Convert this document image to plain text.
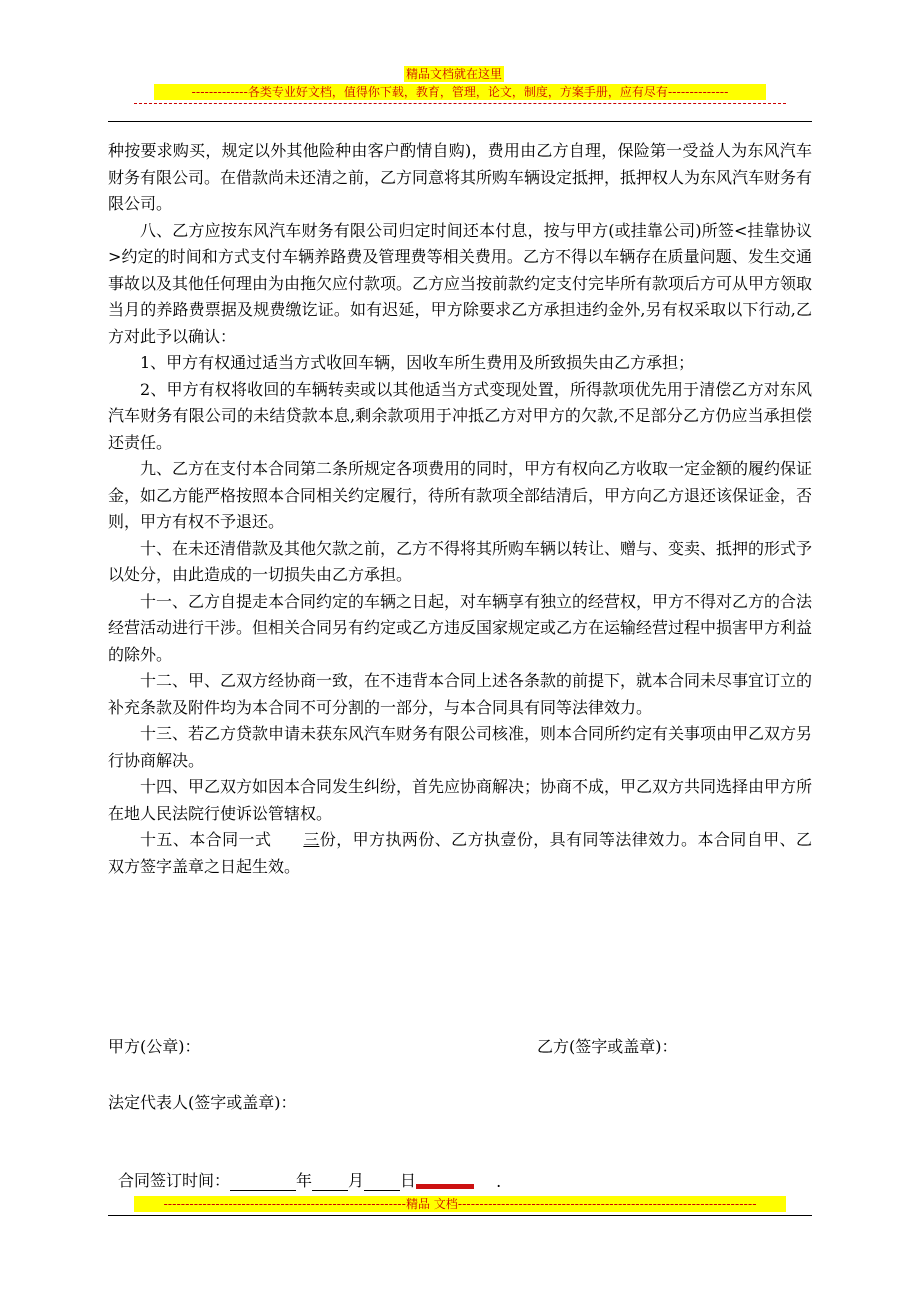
精品文档就在这里
-------------各类专业好文档，值得你下载，教育，管理，论文，制度，方案手册，应有尽有--------------

种按要求购买，规定以外其他险种由客户酌情自购)，费用由乙方自理，保险第一受益人为东风汽车财务有限公司。在借款尚未还清之前，乙方同意将其所购车辆设定抵押，抵押权人为东风汽车财务有限公司。

八、乙方应按东风汽车财务有限公司归定时间还本付息，按与甲方(或挂靠公司)所签<挂靠协议>约定的时间和方式支付车辆养路费及管理费等相关费用。乙方不得以车辆存在质量问题、发生交通事故以及其他任何理由为由拖欠应付款项。乙方应当按前款约定支付完毕所有款项后方可从甲方领取当月的养路费票据及规费缴讫证。如有迟延，甲方除要求乙方承担违约金外,另有权采取以下行动,乙方对此予以确认：

1、甲方有权通过适当方式收回车辆，因收车所生费用及所致损失由乙方承担；

2、甲方有权将收回的车辆转卖或以其他适当方式变现处置，所得款项优先用于清偿乙方对东风汽车财务有限公司的未结贷款本息,剩余款项用于冲抵乙方对甲方的欠款,不足部分乙方仍应当承担偿还责任。

九、乙方在支付本合同第二条所规定各项费用的同时，甲方有权向乙方收取一定金额的履约保证金，如乙方能严格按照本合同相关约定履行，待所有款项全部结清后，甲方向乙方退还该保证金，否则，甲方有权不予退还。

十、在未还清借款及其他欠款之前，乙方不得将其所购车辆以转让、赠与、变卖、抵押的形式予以处分，由此造成的一切损失由乙方承担。

十一、乙方自提走本合同约定的车辆之日起，对车辆享有独立的经营权，甲方不得对乙方的合法经营活动进行干涉。但相关合同另有约定或乙方违反国家规定或乙方在运输经营过程中损害甲方利益的除外。

十二、甲、乙双方经协商一致，在不违背本合同上述各条款的前提下，就本合同未尽事宜订立的补充条款及附件均为本合同不可分割的一部分，与本合同具有同等法律效力。

十三、若乙方贷款申请未获东风汽车财务有限公司核准，则本合同所约定有关事项由甲乙双方另行协商解决。

十四、甲乙双方如因本合同发生纠纷，首先应协商解决；协商不成，甲乙双方共同选择由甲方所在地人民法院行使诉讼管辖权。

十五、本合同一式 三份，甲方执两份、乙方执壹份，具有同等法律效力。本合同自甲、乙双方签字盖章之日起生效。

甲方(公章)：	乙方(签字或盖章)：
法定代表人(签字或盖章)：
合同签订时间：	年 月 日	.
--------------------------------------------------------精品 文档---------------------------------------------------------------------
